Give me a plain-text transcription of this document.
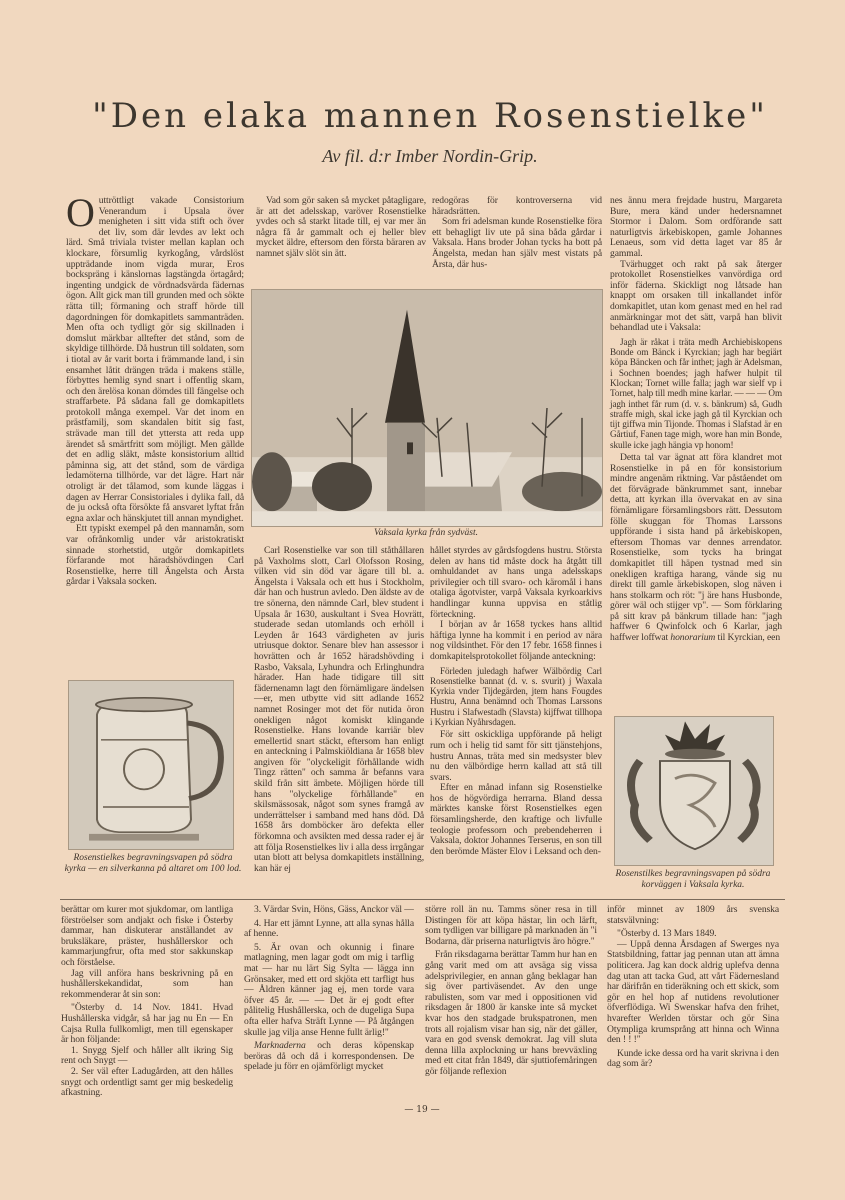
"Den elaka mannen Rosenstielke"
Av fil. d:r Imber Nordin-Grip.

Outtröttligt vakade Consistorium Venerandum i Upsala över menigheten i sitt vida stift och över det liv, som där levdes av lekt och lärd. Små triviala tvister mellan kaplan och klockare, försumlig kyrkogång, vårdslöst uppträdande inom vigda murar, Eros bockspräng i känslornas lagstängda örtagård; ingenting undgick de vördnadsvärda fädernas ögon. Allt gick man till grunden med och sökte rätta till; förmaning och straff hörde till dagordningen för domkapitlets sammanträden. Men ofta och tydligt gör sig skillnaden i domslut märkbar alltefter det stånd, som de skyldige tillhörde. Då hustrun till soldaten, som i tiotal av år varit borta i främmande land, i sin ensamhet låtit drängen träda i makens ställe, förbyttes hemlig synd snart i offentlig skam, och den ärelösa konan dömdes till fängelse och straffarbete. På sådana fall ge domkapitlets protokoll många exempel. Var det inom en prästfamilj, som skandalen bitit sig fast, strävade man till det yttersta att reda upp ärendet så smärtfritt som möjligt. Men gällde det en adlig släkt, måste konsistorium alltid påminna sig, att det stånd, som de värdiga ledamöterna tillhörde, var det lägre. Hart när otroligt är det tålamod, som kunde läggas i dagen av Herrar Consistoriales i dylika fall, då de ju också ofta försökte få ansvaret lyftat från egna axlar och hänskjutet till annan myndighet.

Ett typiskt exempel på den mannamån, som var ofrånkomlig under vår aristokratiskt sinnade storhetstid, utgör domkapitlets förfarande mot häradshövdingen Carl Rosenstielke, herre till Ängelsta och Årsta gårdar i Vaksala socken.

Rosenstielkes begravningsvapen på södra kyrka — en silverkanna på altaret om 100 lod.

Vad som gör saken så mycket påtagligare, är att det adelsskap, varöver Rosenstielke yvdes och så starkt litade till, ej var mer än några få år gammalt och ej heller blev mycket äldre, eftersom den första bäraren av namnet själv slöt sin ätt.

redogöras för kontroverserna vid häradsrätten.

Som fri adelsman kunde Rosenstielke föra ett behagligt liv ute på sina båda gårdar i Vaksala. Hans broder Johan tycks ha bott på Ängelsta, medan han själv mest vistats på Årsta, där hus-

Vaksala kyrka från sydväst.

Carl Rosenstielke var son till ståthållaren på Vaxholms slott, Carl Olofsson Rosing, vilken vid sin död var ägare till bl. a. Ängelsta i Vaksala och ett hus i Stockholm, där han och hustrun avledo. Den äldste av de tre sönerna, den nämnde Carl, blev student i Upsala år 1630, auskultant i Svea Hovrätt, studerade sedan utomlands och erhöll i Leyden år 1643 värdigheten av juris utriusque doktor. Senare blev han assessor i hovrätten och år 1652 häradshövding i Rasbo, Vaksala, Lyhundra och Erlinghundra härader. Han hade tidigare till sitt fädernenamn lagt den förnämligare ändelsen —er, men utbytte vid sitt adlande 1652 namnet Rosinger mot det för nutida öron onekligen något komiskt klingande Rosenstielke. Hans lovande karriär blev emellertid snart stäckt, eftersom han enligt en anteckning i Palmskiöldiana år 1658 blev angiven för "olyckeligit förhållande widh Tingz rätten" och samma år befanns vara skild från sitt ämbete. Möjligen hörde till hans "olyckelige förhållande" en skilsmässosak, något som synes framgå av underrättelser i samband med hans död. Då 1658 års domböcker äro defekta eller förkomna och avsikten med dessa rader ej är att följa Rosenstielkes liv i alla dess irrgångar utan blott att belysa domkapitlets inställning, kan här ej

hållet styrdes av gårdsfogdens hustru. Största delen av hans tid måste dock ha åtgått till omhuldandet av hans unga adelsskaps privilegier och till svaro- och käromål i hans otaliga ägotvister, varpå Vaksala kyrkoarkivs handlingar kunna uppvisa en ståtlig förteckning.

I början av år 1658 tyckes hans alltid häftiga lynne ha kommit i en period av nära nog vildsinthet. För den 17 febr. 1658 finnes i domkapitelsprotokollet följande anteckning:

Förleden juledagh hafwer Wälbördig Carl Rosenstielke bannat (d. v. s. svurit) j Waxala Kyrkia vnder Tijdegärden, jtem hans Fougdes Hustru, Anna benämnd och Thomas Larssons Hustru i Slafwestadh (Slavsta) kijffwat tillhopa i Kyrkian Nyåhrsdagen.

För sitt oskickliga uppförande på heligt rum och i helig tid samt för sitt tjänstehjons, hustru Annas, träta med sin medsyster blev nu den välbördige herrn kallad att stå till svars.

Efter en månad infann sig Rosenstielke hos de högvördiga herrarna. Bland dessa märktes kanske först Rosenstielkes egen församlingsherde, den kraftige och livfulle teologie professorn och prebendeherren i Vaksala, doktor Johannes Terserus, en son till den berömde Mäster Elov i Leksand och den-

nes ännu mera frejdade hustru, Margareta Bure, mera känd under hedersnamnet Stormor i Dalom. Som ordförande satt naturligtvis ärkebiskopen, gamle Johannes Lenaeus, som vid detta laget var 85 år gammal.

Tvärhugget och rakt på sak återger protokollet Rosenstielkes vanvördiga ord inför fäderna. Skickligt nog låtsade han knappt om orsaken till inkallandet inför domkapitlet, utan kom genast med en hel rad anmärkningar mot det sätt, varpå han blivit behandlad ute i Vaksala:

Jagh är råkat i träta medh Archiebiskopens Bonde om Bänck i Kyrckian; jagh har begiärt köpa Bäncken och får inthet; jagh är Adelsman, i Sochnen boendes; jagh hafwer hulpit til Klockan; Tornet wille falla; jagh war sielf vp i Tornet, halp till medh mine karlar. — — — Om jagh inthet får rum (d. v. s. bänkrum) så, Gudh straffe migh, skal icke jagh gå til Kyrckian och tijt giffwa min Tijonde. Thomas i Slafstad är en Gårtiuf, Fanen tage migh, wore han min Bonde, skulle icke jagh hängia vp honom!

Detta tal var ägnat att föra klandret mot Rosenstielke in på en för konsistorium mindre angenäm riktning. Var påståendet om det förvägrade bänkrummet sant, innebar detta, att kyrkan illa övervakat en av sina förnämligare församlingsbors rätt. Dessutom fölle skuggan för Thomas Larssons uppförande i sista hand på ärkebiskopen, eftersom Thomas var dennes arrendator. Rosenstielke, som tycks ha bringat domkapitlet till häpen tystnad med sin onekligen kraftiga harang, vände sig nu direkt till gamle ärkebiskopen, slog näven i hans stolkarm och röt: "j äre hans Husbonde, görer wäl och stijger vp". — Som förklaring på sitt krav på bänkrum tillade han: "jagh haffwer 6 Qwinfolck och 6 Karlar, jagh haffwer loffwat honorarium til Kyrckian, een

Rosenstilkes begravningsvapen på södra korväggen i Vaksala kyrka.

berättar om kurer mot sjukdomar, om lantliga förströelser som andjakt och fiske i Österby dammar, han diskuterar anställandet av bruksläkare, präster, hushållerskor och kammarjungfrur, ofta med stor sakkunskap och förståelse.

Jag vill anföra hans beskrivning på en hushållerskekandidat, som han rekommenderar åt sin son:

"Österby d. 14 Nov. 1841. Hvad Hushållerska vidgår, så har jag nu En — En Cajsa Rulla fullkomligt, men till egenskaper är hon följande:

1. Snygg Sjelf och håller allt ikring Sig rent och Snygt —

2. Ser väl efter Ladugården, att den hålles snygt och ordentligt samt ger mig beskedelig afkastning.

3. Värdar Svin, Höns, Gäss, Anckor väl —

4. Har ett jämnt Lynne, att alla synas hålla af henne.

5. Är ovan och okunnig i finare matlagning, men lagar godt om mig i tarflig mat — har nu lärt Sig Sylta — lägga inn Grönsaker, med ett ord skjöta ett tarfligt hus — Åldren känner jag ej, men torde vara öfver 45 år. — — Det är ej godt efter pålitelig Hushållerska, och de dugeliga Supa ofta eller hafva Sträft Lynne — På åtgången skulle jag vilja anse Henne fullt ärlig!"

Marknaderna och deras köpenskap beröras då och då i korrespondensen. De spelade ju förr en ojämförligt mycket

större roll än nu. Tamms söner resa in till Distingen för att köpa hästar, lin och lärft, som tydligen var billigare på marknaden än "i Bodarna, där priserna naturligtvis äro högre."

Från riksdagarna berättar Tamm hur han en gång varit med om att avsäga sig vissa adelsprivilegier, en annan gång beklagar han sig över partiväsendet. Av den unge rabulisten, som var med i oppositionen vid riksdagen år 1800 är kanske inte så mycket kvar hos den stadgade brukspatronen, men trots all rojalism visar han sig, när det gäller, vara en god svensk demokrat. Jag vill sluta denna lilla axplockning ur hans brevväxling med ett citat från 1849, där sjuttiofemåringen gör följande reflexion

inför minnet av 1809 års svenska statsvälvning:

"Österby d. 13 Mars 1849.

— Uppå denna Årsdagen af Swerges nya Statsbildning, fattar jag pennan utan att ämna politicera. Jag kan dock aldrig uplefva denna dag utan att tacka Gud, att vårt Fädernesland har därifrån en tideräkning och ett skick, som gör en hel hop af nutidens revolutioner öfverflödiga. Wi Swenskar hafva den frihet, hvarefter Werlden törstar och gör Sina Otympliga krumsprång att hinna och Winna den ! ! !"

Kunde icke dessa ord ha varit skrivna i den dag som är?

— 19 —
